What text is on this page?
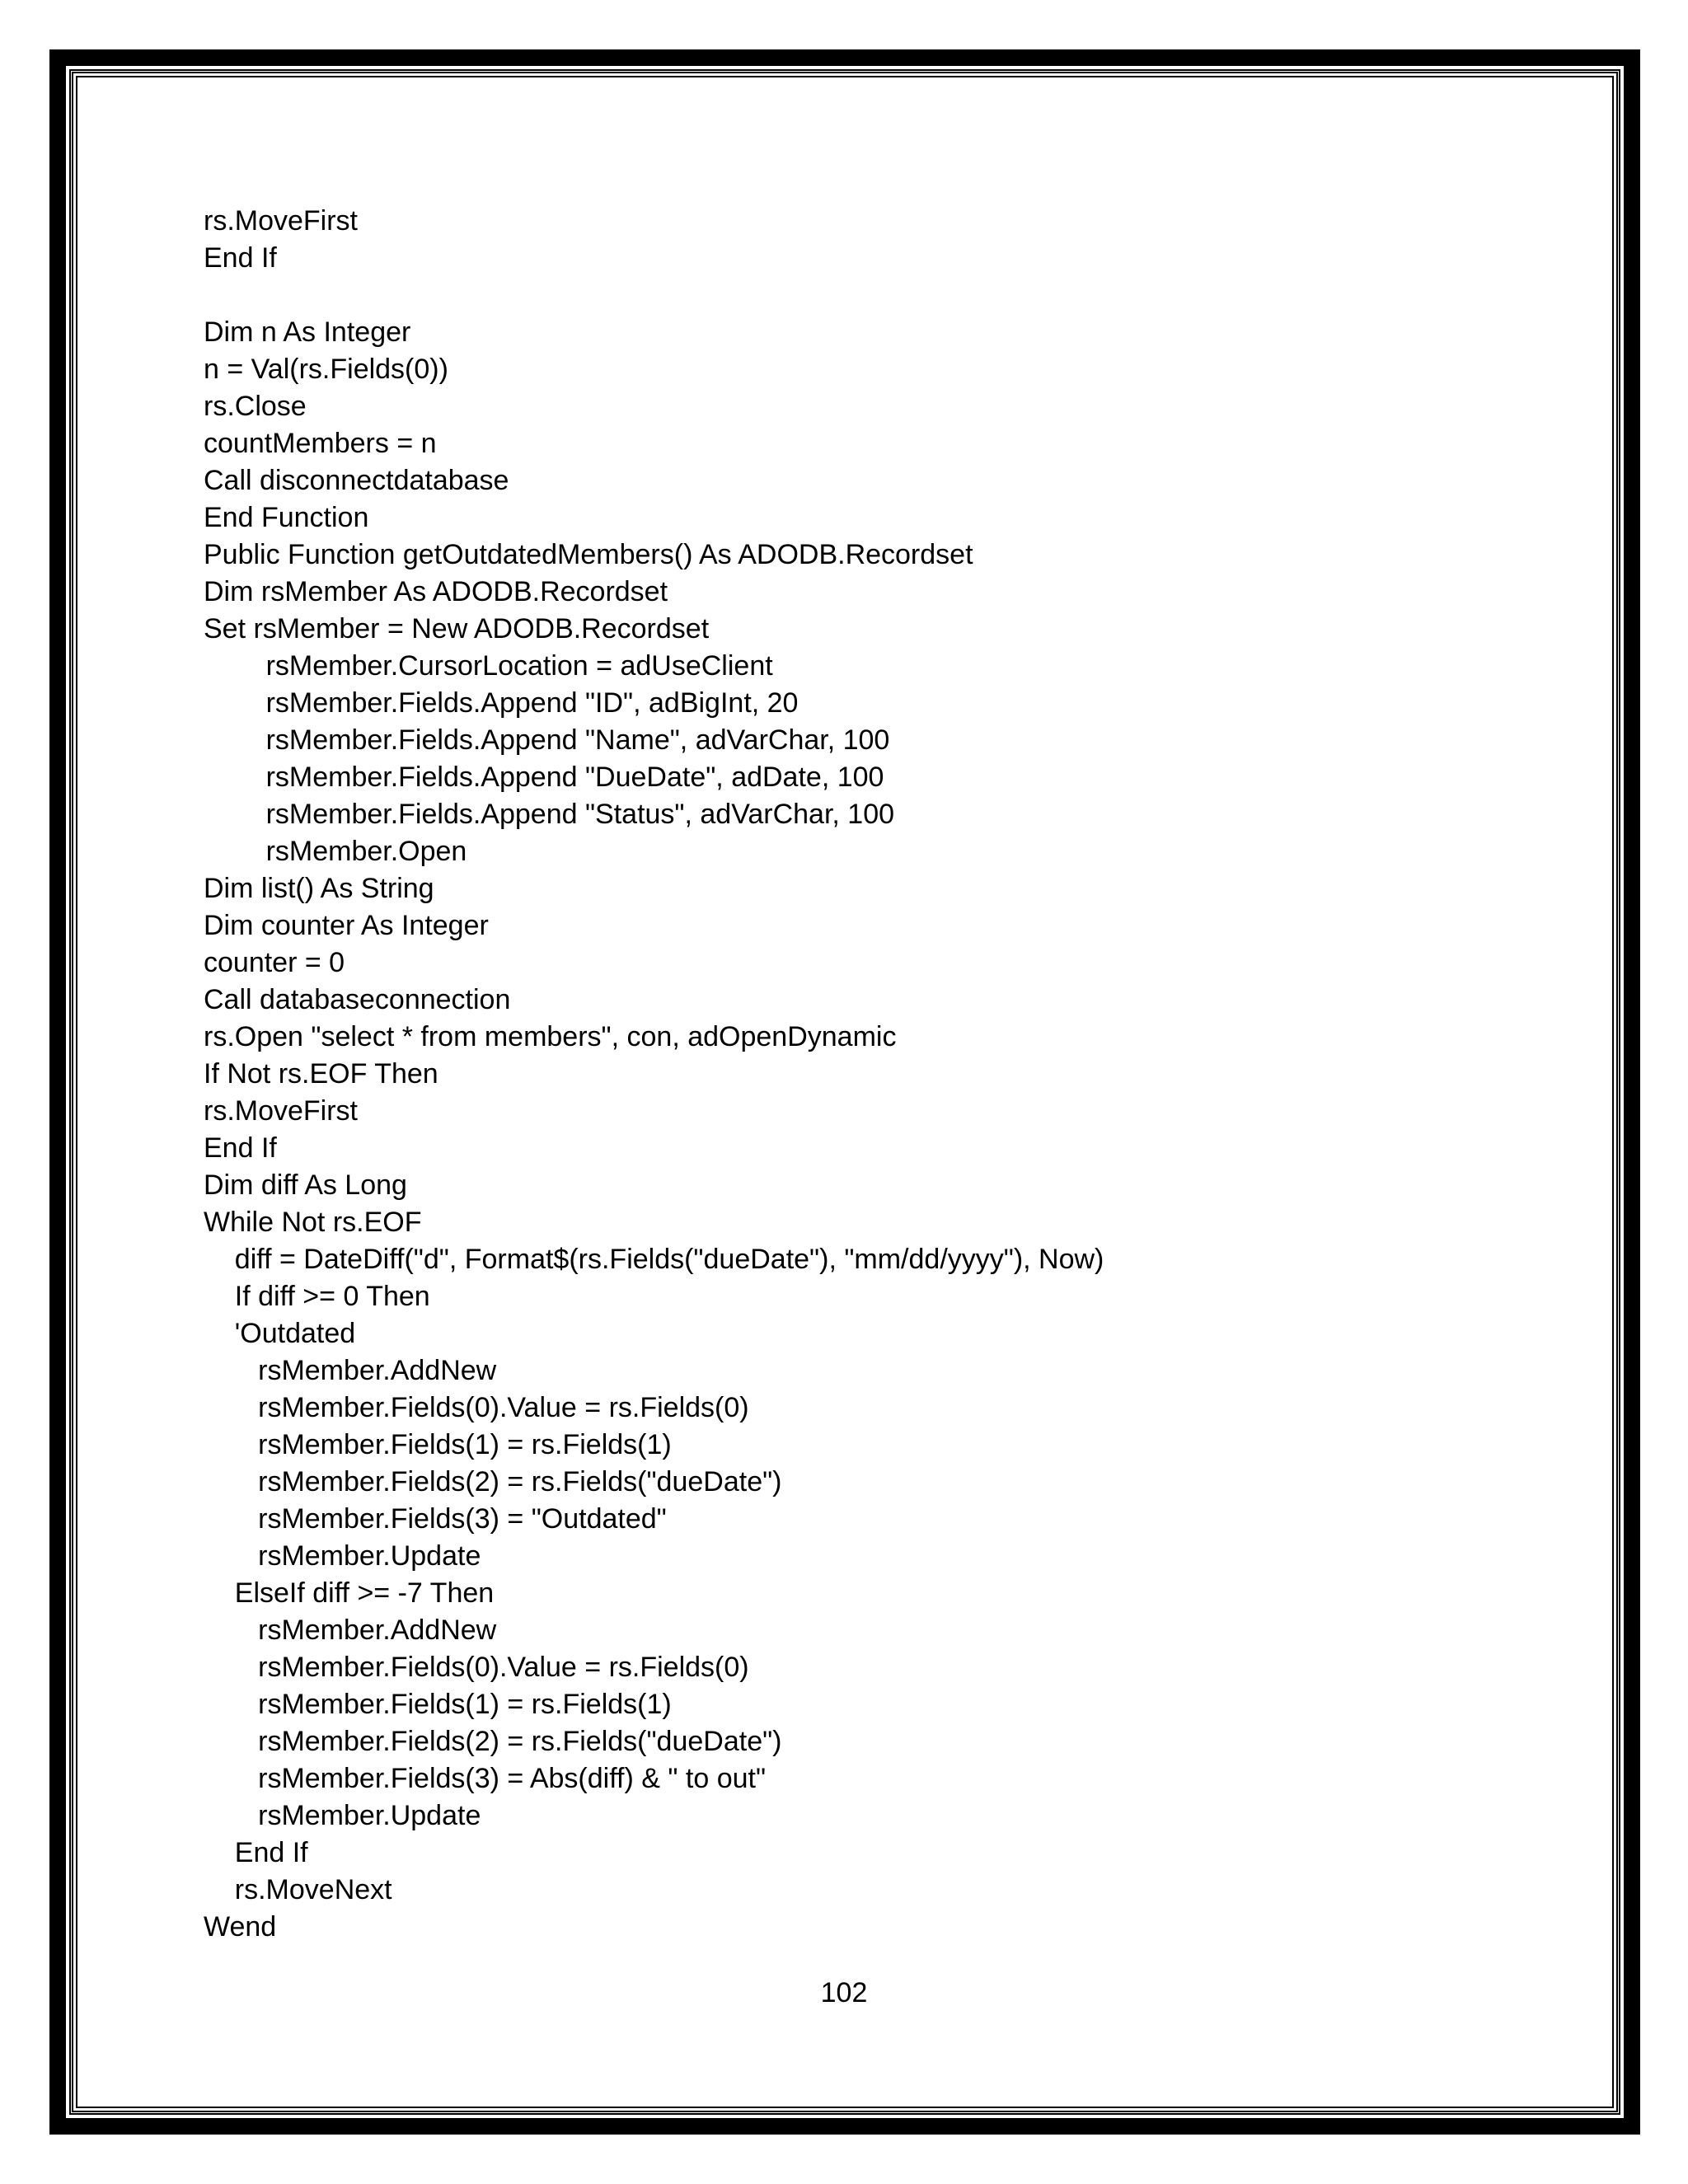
rs.MoveFirst
End If
Dim n As Integer
n = Val(rs.Fields(0))
rs.Close
countMembers = n
Call disconnectdatabase
End Function
Public Function getOutdatedMembers() As ADODB.Recordset
Dim rsMember As ADODB.Recordset
Set rsMember = New ADODB.Recordset
rsMember.CursorLocation = adUseClient
rsMember.Fields.Append "ID", adBigInt, 20
rsMember.Fields.Append "Name", adVarChar, 100
rsMember.Fields.Append "DueDate", adDate, 100
rsMember.Fields.Append "Status", adVarChar, 100
rsMember.Open
Dim list() As String
Dim counter As Integer
counter = 0
Call databaseconnection
rs.Open "select * from members", con, adOpenDynamic
If Not rs.EOF Then
rs.MoveFirst
End If
Dim diff As Long
While Not rs.EOF
diff = DateDiff("d", Format$(rs.Fields("dueDate"), "mm/dd/yyyy"), Now)
If diff >= 0 Then
'Outdated
rsMember.AddNew
rsMember.Fields(0).Value = rs.Fields(0)
rsMember.Fields(1) = rs.Fields(1)
rsMember.Fields(2) = rs.Fields("dueDate")
rsMember.Fields(3) = "Outdated"
rsMember.Update
ElseIf diff >= -7 Then
rsMember.AddNew
rsMember.Fields(0).Value = rs.Fields(0)
rsMember.Fields(1) = rs.Fields(1)
rsMember.Fields(2) = rs.Fields("dueDate")
rsMember.Fields(3) = Abs(diff) & " to out"
rsMember.Update
End If
rs.MoveNext
Wend
102
